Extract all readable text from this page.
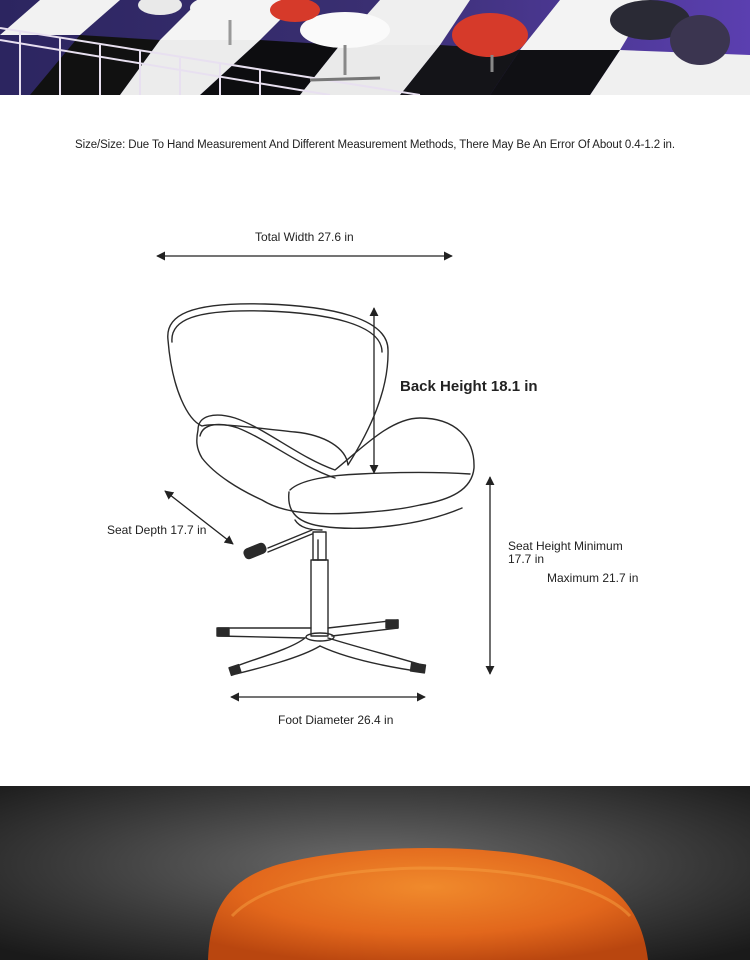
Size/Size: Due To Hand Measurement And Different Measurement Methods, There May Be An Error Of About 0.4-1.2 in.
Total Width 27.6 in
Back Height 18.1 in
Seat Depth 17.7 in
Seat Height Minimum
17.7 in
Maximum 21.7 in
Foot Diameter 26.4 in
